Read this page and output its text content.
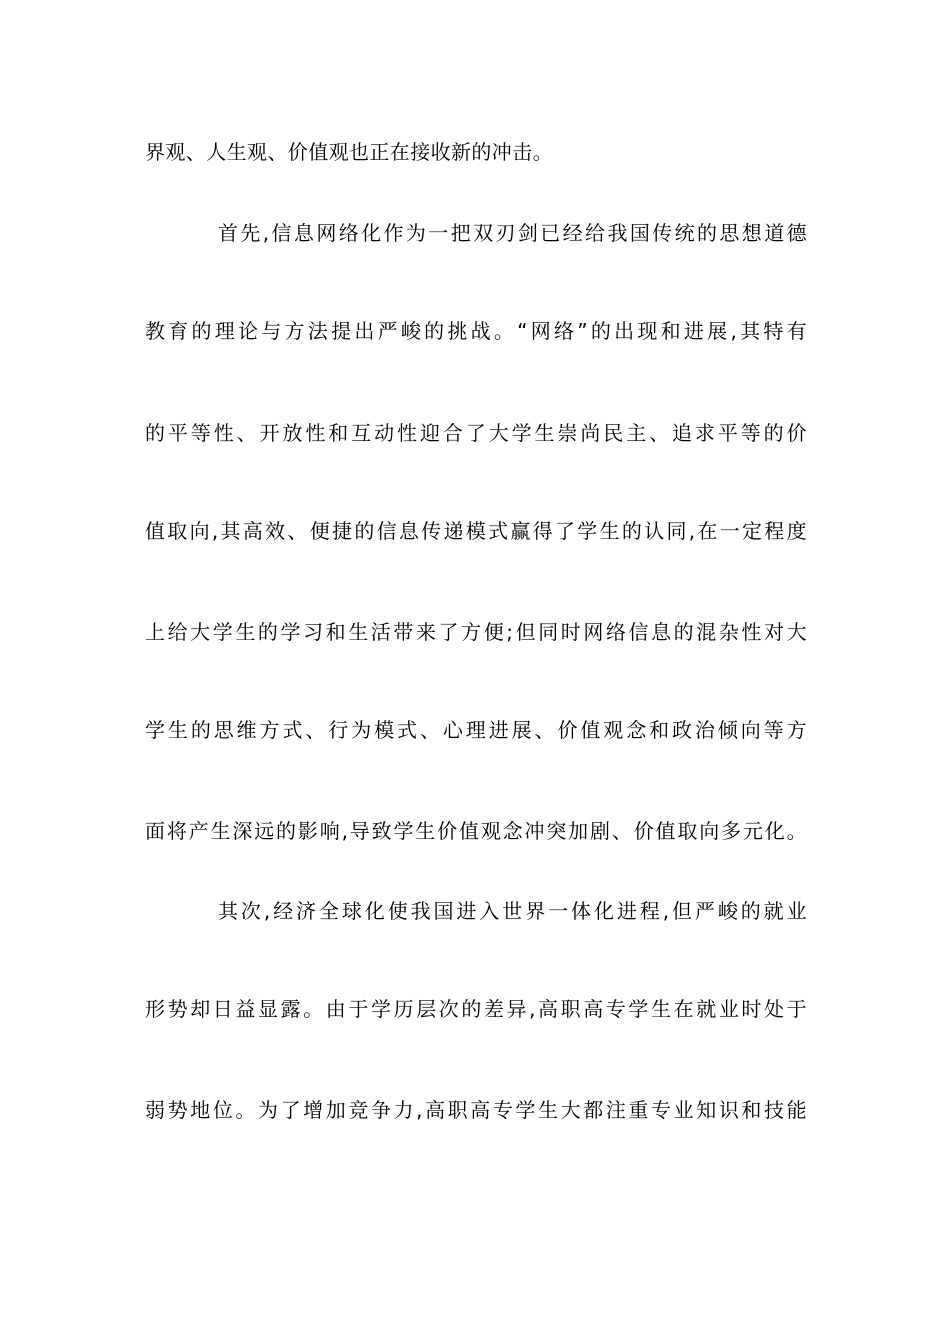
界观、人生观、价值观也正在接收新的冲击。
首先,信息网络化作为一把双刃剑已经给我国传统的思想道德
教育的理论与方法提出严峻的挑战。“网络”的出现和进展,其特有
的平等性、开放性和互动性迎合了大学生崇尚民主、追求平等的价
值取向,其高效、便捷的信息传递模式赢得了学生的认同,在一定程度
上给大学生的学习和生活带来了方便;但同时网络信息的混杂性对大
学生的思维方式、行为模式、心理进展、价值观念和政治倾向等方
面将产生深远的影响,导致学生价值观念冲突加剧、价值取向多元化。
其次,经济全球化使我国进入世界一体化进程,但严峻的就业
形势却日益显露。由于学历层次的差异,高职高专学生在就业时处于
弱势地位。为了增加竞争力,高职高专学生大都注重专业知识和技能
